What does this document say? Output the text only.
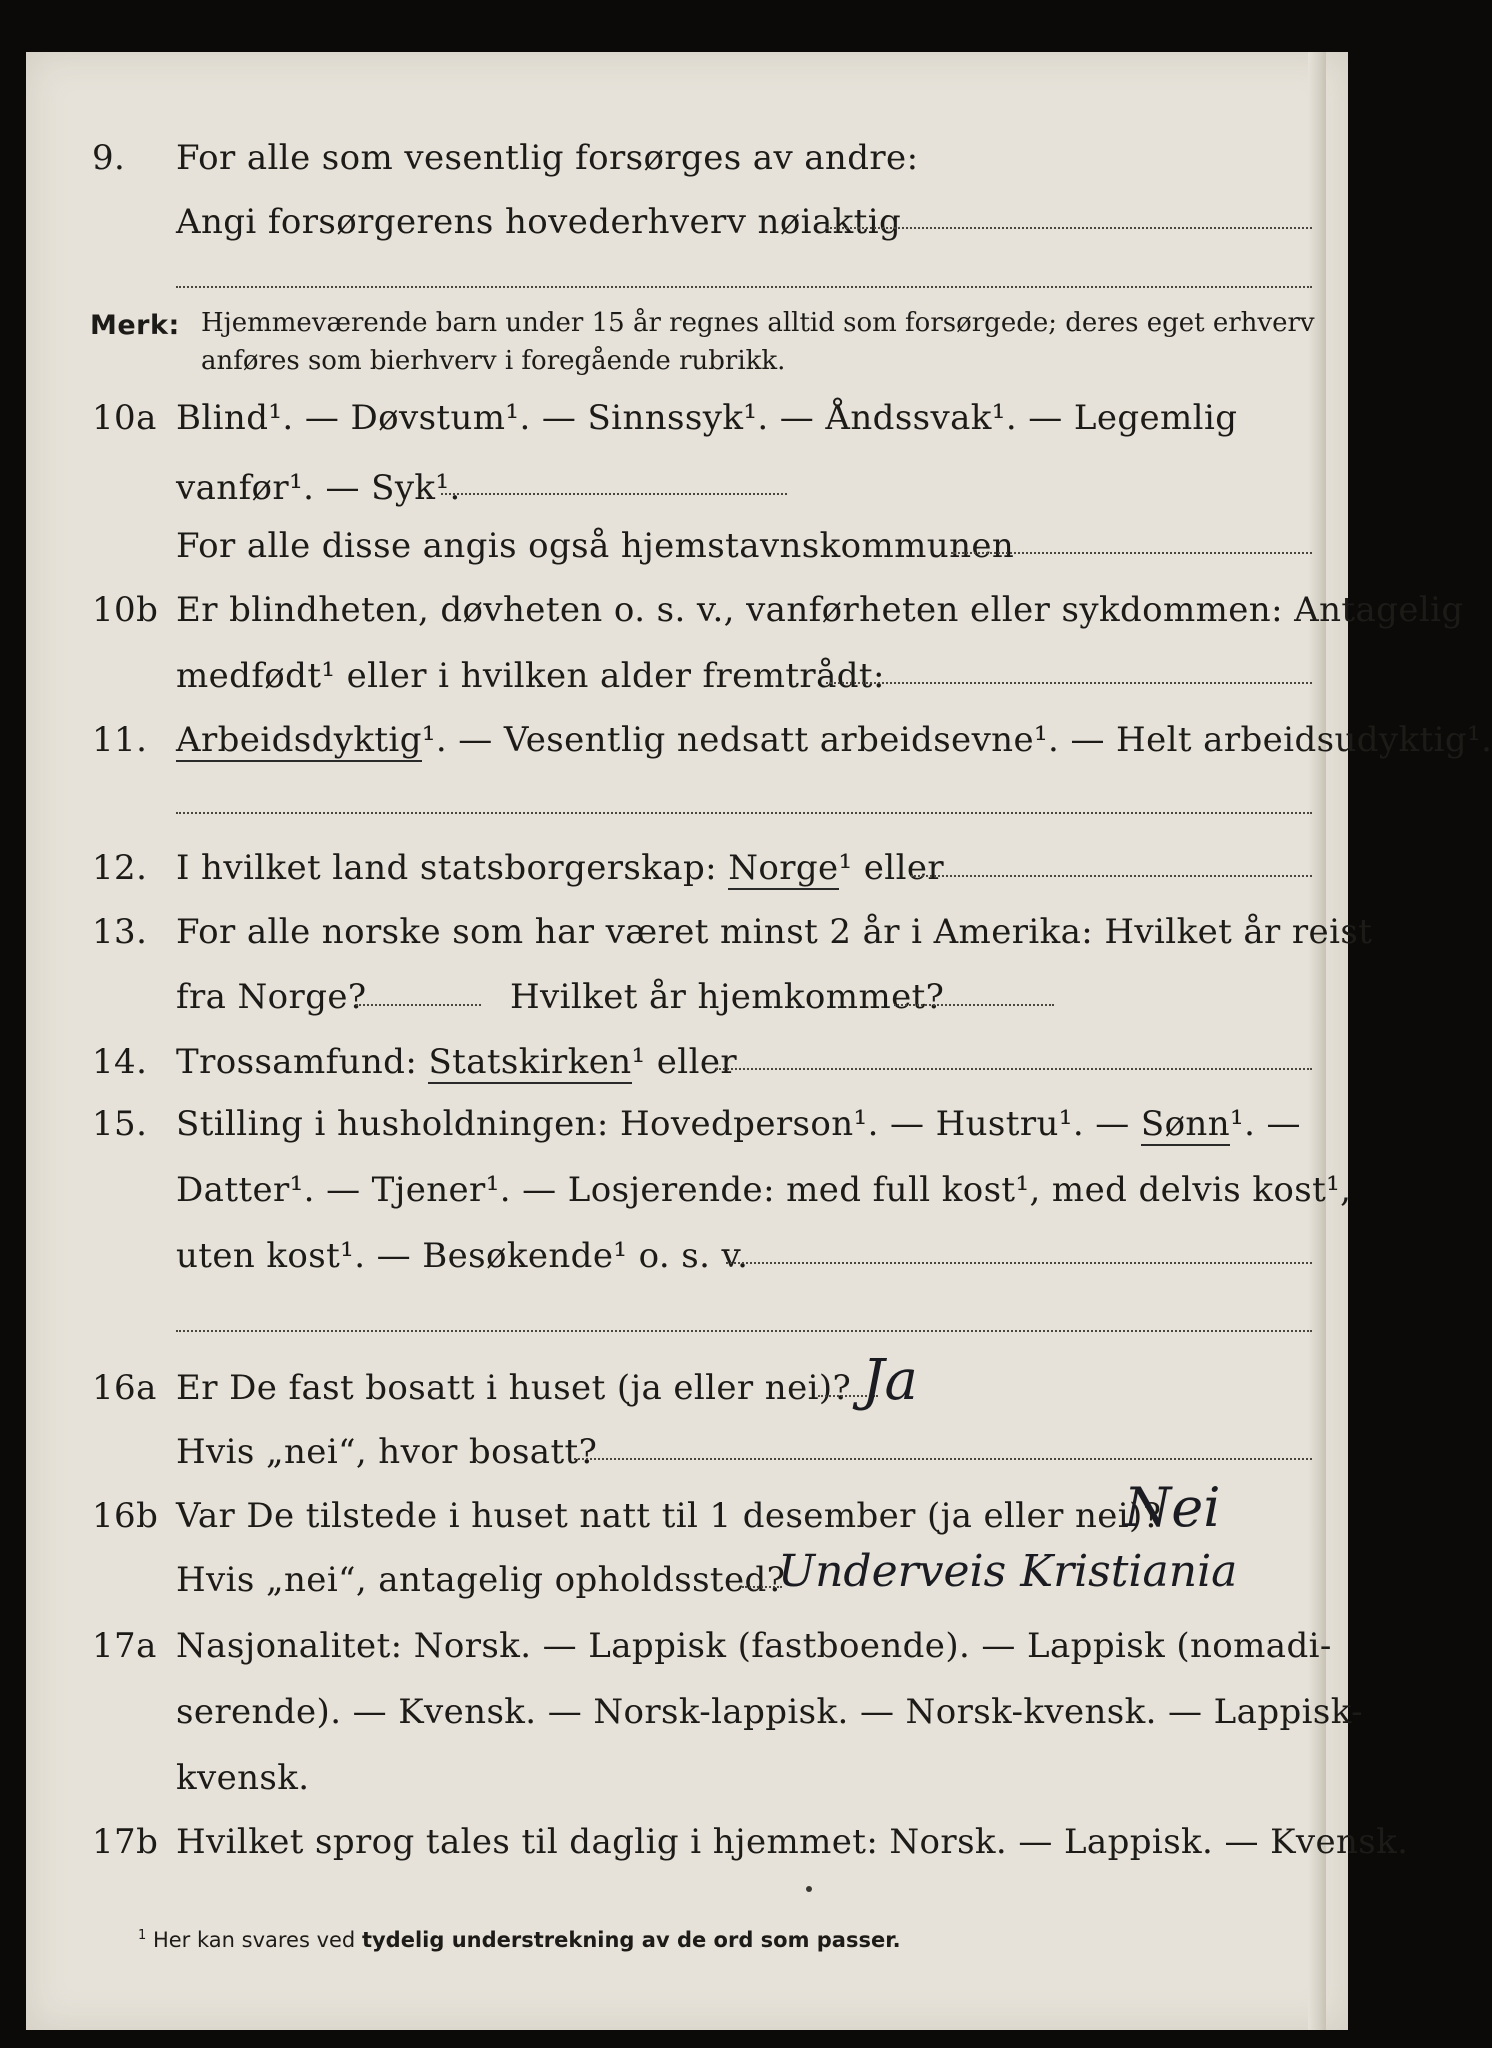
9. For alle som vesentlig forsørges av andre:
Angi forsørgerens hovederhverv nøiaktig
Merk: Hjemmeværende barn under 15 år regnes alltid som forsørgede; deres eget erhverv
anføres som bierhverv i foregående rubrikk.
10a Blind¹. — Døvstum¹. — Sinnssyk¹. — Åndssvak¹. — Legemlig
vanfør¹. — Syk¹.
For alle disse angis også hjemstavnskommunen
10b Er blindheten, døvheten o. s. v., vanførheten eller sykdommen: Antagelig
medfødt¹ eller i hvilken alder fremtrådt:
11. Arbeidsdyktig¹. — Vesentlig nedsatt arbeidsevne¹. — Helt arbeidsudyktig¹.
12. I hvilket land statsborgerskap: Norge¹ eller
13. For alle norske som har været minst 2 år i Amerika: Hvilket år reist
fra Norge?	Hvilket år hjemkommet?
14. Trossamfund: Statskirken¹ eller
15. Stilling i husholdningen: Hovedperson¹. — Hustru¹. — Sønn¹. —
Datter¹. — Tjener¹. — Losjerende: med full kost¹, med delvis kost¹,
uten kost¹. — Besøkende¹ o. s. v.
16a Er De fast bosatt i huset (ja eller nei)? Ja
Hvis „nei“, hvor bosatt?
16b Var De tilstede i huset natt til 1 desember (ja eller nei)?
Nei
Hvis „nei“, antagelig opholdssted?
Underveis Kristiania
17a Nasjonalitet: Norsk. — Lappisk (fastboende). — Lappisk (nomadi-
serende). — Kvensk. — Norsk-lappisk. — Norsk-kvensk. — Lappisk-
kvensk.
17b Hvilket sprog tales til daglig i hjemmet: Norsk. — Lappisk. — Kvensk.
$^1$ Her kan svares ved tydelig understrekning av de ord som passer.
